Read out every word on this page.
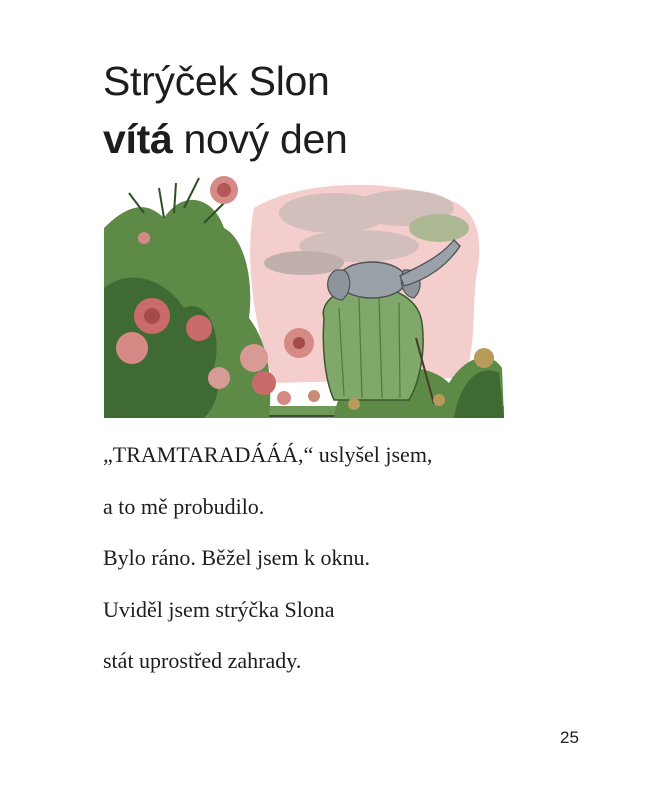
Strýček Slon
vítá nový den

„TRAMTARADÁÁÁ,“ uslyšel jsem,

a to mě probudilo.

Bylo ráno. Běžel jsem k oknu.

Uviděl jsem strýčka Slona

stát uprostřed zahrady.

25
